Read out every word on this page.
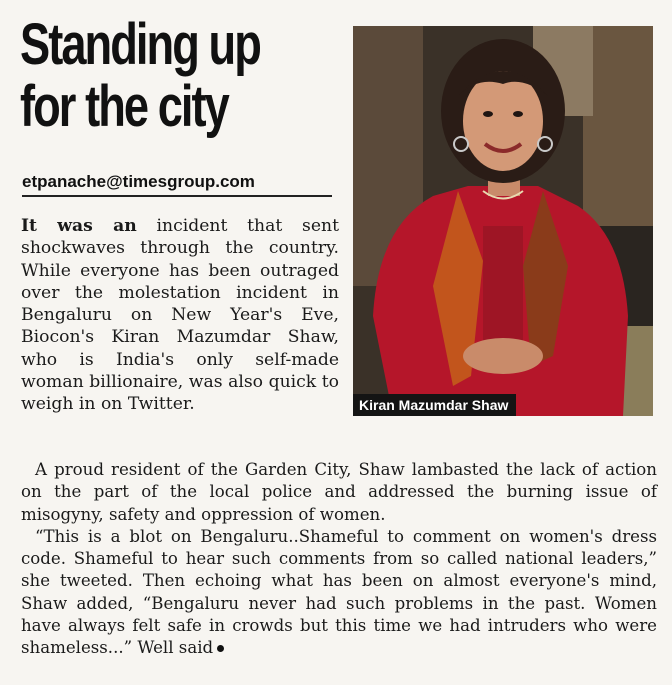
Standing up
for the city
etpanache@timesgroup.com
It was an incident that sent shockwaves through the country. While everyone has been outraged over the molestation incident in Bengaluru on New Year's Eve, Biocon's Kiran Mazumdar Shaw, who is India's only self-made woman billionaire, was also quick to weigh in on Twitter.	Kiran Mazumdar Shaw

A proud resident of the Garden City, Shaw lambasted the lack of action on the part of the local police and addressed the burning issue of misogyny, safety and oppression of women.

“This is a blot on Bengaluru..Shameful to comment on women's dress code. Shameful to hear such comments from so called national leaders,” she tweeted. Then echoing what has been on almost everyone's mind, Shaw added, “Bengaluru never had such problems in the past. Women have always felt safe in crowds but this time we had intruders who were shameless...” Well said
